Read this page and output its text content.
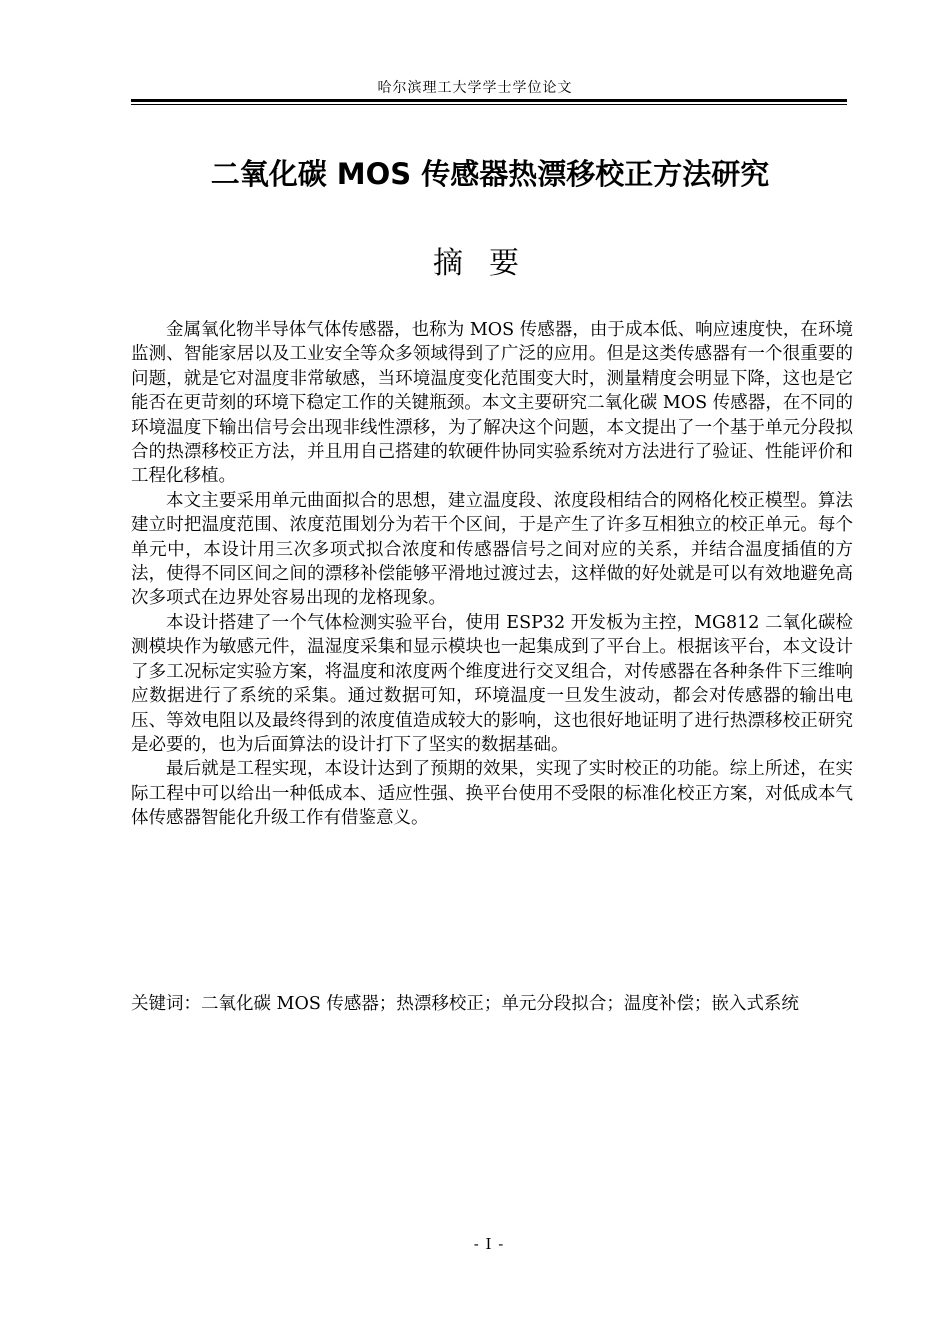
哈尔滨理工大学学士学位论文
二氧化碳 MOS 传感器热漂移校正方法研究
摘要

金属氧化物半导体气体传感器，也称为 MOS 传感器，由于成本低、响应速度快，在环境监测、智能家居以及工业安全等众多领域得到了广泛的应用。但是这类传感器有一个很重要的问题，就是它对温度非常敏感，当环境温度变化范围变大时，测量精度会明显下降，这也是它能否在更苛刻的环境下稳定工作的关键瓶颈。本文主要研究二氧化碳 MOS 传感器，在不同的环境温度下输出信号会出现非线性漂移，为了解决这个问题，本文提出了一个基于单元分段拟合的热漂移校正方法，并且用自己搭建的软硬件协同实验系统对方法进行了验证、性能评价和工程化移植。

本文主要采用单元曲面拟合的思想，建立温度段、浓度段相结合的网格化校正模型。算法建立时把温度范围、浓度范围划分为若干个区间，于是产生了许多互相独立的校正单元。每个单元中，本设计用三次多项式拟合浓度和传感器信号之间对应的关系，并结合温度插值的方法，使得不同区间之间的漂移补偿能够平滑地过渡过去，这样做的好处就是可以有效地避免高次多项式在边界处容易出现的龙格现象。

本设计搭建了一个气体检测实验平台，使用 ESP32 开发板为主控，MG812 二氧化碳检测模块作为敏感元件，温湿度采集和显示模块也一起集成到了平台上。根据该平台，本文设计了多工况标定实验方案，将温度和浓度两个维度进行交叉组合，对传感器在各种条件下三维响应数据进行了系统的采集。通过数据可知，环境温度一旦发生波动，都会对传感器的输出电压、等效电阻以及最终得到的浓度值造成较大的影响，这也很好地证明了进行热漂移校正研究是必要的，也为后面算法的设计打下了坚实的数据基础。

最后就是工程实现，本设计达到了预期的效果，实现了实时校正的功能。综上所述，在实际工程中可以给出一种低成本、适应性强、换平台使用不受限的标准化校正方案，对低成本气体传感器智能化升级工作有借鉴意义。

关键词：二氧化碳 MOS 传感器；热漂移校正；单元分段拟合；温度补偿；嵌入式系统
- I -
